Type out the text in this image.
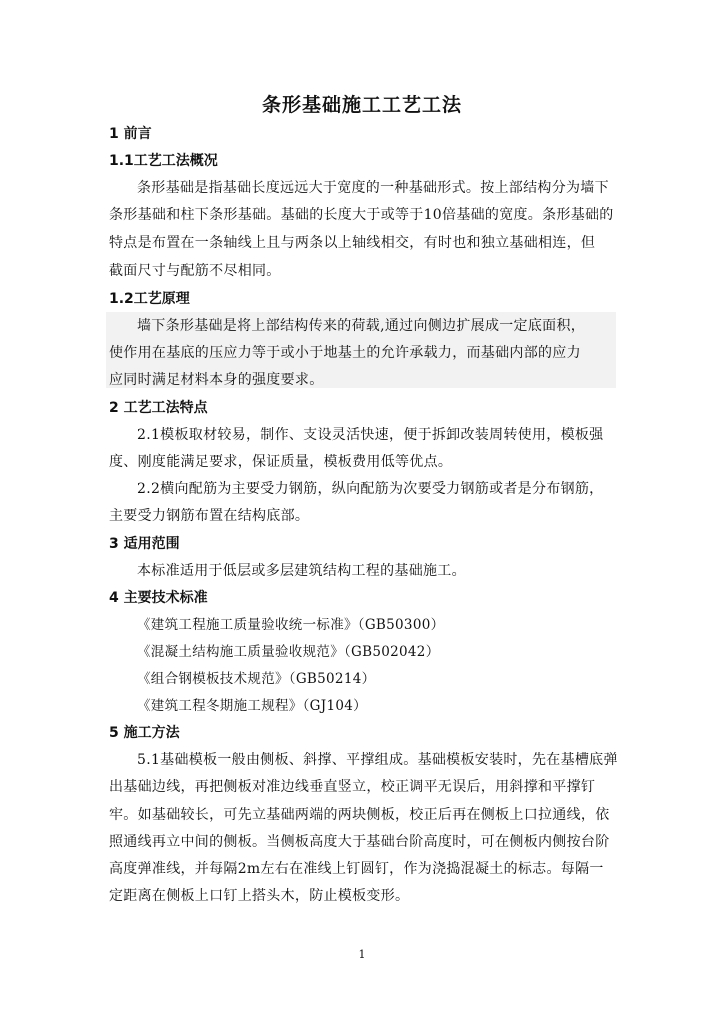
条形基础施工工艺工法
1 前言
1.1工艺工法概况
条形基础是指基础长度远远大于宽度的一种基础形式。按上部结构分为墙下
条形基础和柱下条形基础。基础的长度大于或等于10倍基础的宽度。条形基础的
特点是布置在一条轴线上且与两条以上轴线相交，有时也和独立基础相连，但
截面尺寸与配筋不尽相同。
1.2工艺原理
墙下条形基础是将上部结构传来的荷载,通过向侧边扩展成一定底面积，
使作用在基底的压应力等于或小于地基土的允许承载力，而基础内部的应力
应同时满足材料本身的强度要求。
2 工艺工法特点
2.1模板取材较易，制作、支设灵活快速，便于拆卸改装周转使用，模板强
度、刚度能满足要求，保证质量，模板费用低等优点。
2.2横向配筋为主要受力钢筋，纵向配筋为次要受力钢筋或者是分布钢筋，
主要受力钢筋布置在结构底部。
3 适用范围
本标准适用于低层或多层建筑结构工程的基础施工。
4 主要技术标准
《建筑工程施工质量验收统一标准》（GB50300）
《混凝土结构施工质量验收规范》（GB502042）
《组合钢模板技术规范》（GB50214）
《建筑工程冬期施工规程》（GJ104）
5 施工方法
5.1基础模板一般由侧板、斜撑、平撑组成。基础模板安装时，先在基槽底弹
出基础边线，再把侧板对准边线垂直竖立，校正调平无误后，用斜撑和平撑钉
牢。如基础较长，可先立基础两端的两块侧板，校正后再在侧板上口拉通线，依
照通线再立中间的侧板。当侧板高度大于基础台阶高度时，可在侧板内侧按台阶
高度弹准线，并每隔2m左右在准线上钉圆钉，作为浇捣混凝土的标志。每隔一
定距离在侧板上口钉上搭头木，防止模板变形。
1
